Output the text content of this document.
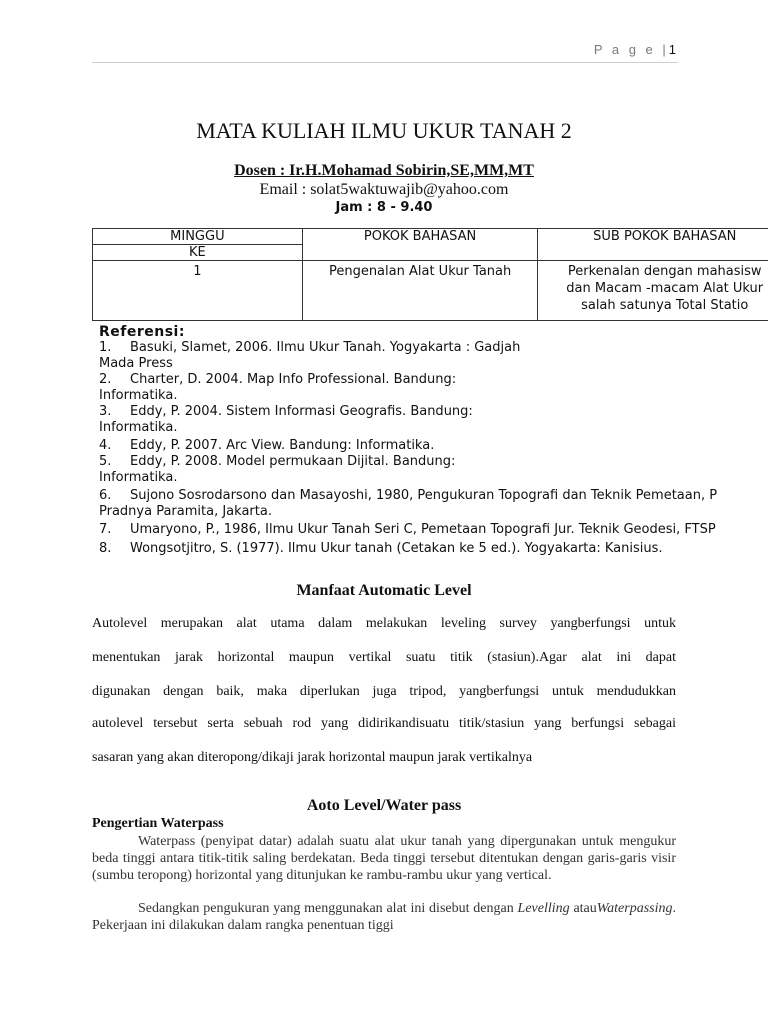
P a g e |1
MATA KULIAH ILMU UKUR TANAH 2
Dosen : Ir.H.Mohamad Sobirin,SE,MM,MT
Email : solat5waktuwajib@yahoo.com
Jam : 8 - 9.40
MINGGU	POKOK BAHASAN	SUB POKOK BAHASAN
KE		
1	Pengenalan Alat Ukur Tanah	Perkenalan dengan mahasisw
dan Macam -macam Alat Ukur
salah satunya Total Statio
Referensi:
1. Basuki, Slamet, 2006. Ilmu Ukur Tanah. Yogyakarta : Gadjah
Mada Press
2. Charter, D. 2004. Map Info Professional. Bandung:
Informatika.
3. Eddy, P. 2004. Sistem Informasi Geografis. Bandung:
Informatika.
4. Eddy, P. 2007. Arc View. Bandung: Informatika.
5. Eddy, P. 2008. Model permukaan Dijital. Bandung:
Informatika.
6. Sujono Sosrodarsono dan Masayoshi, 1980, Pengukuran Topografi dan Teknik Pemetaan, P
Pradnya Paramita, Jakarta.
7. Umaryono, P., 1986, Ilmu Ukur Tanah Seri C, Pemetaan Topografi Jur. Teknik Geodesi, FTSP
8. Wongsotjitro, S. (1977). Ilmu Ukur tanah (Cetakan ke 5 ed.). Yogyakarta: Kanisius.
Manfaat Automatic Level
Autolevel merupakan alat utama dalam melakukan leveling survey yangberfungsi untuk
menentukan jarak horizontal maupun vertikal suatu titik (stasiun).Agar alat ini dapat
digunakan dengan baik, maka diperlukan juga tripod, yangberfungsi untuk mendudukkan
autolevel tersebut serta sebuah rod yang didirikandisuatu titik/stasiun yang berfungsi sebagai
sasaran yang akan diteropong/dikaji jarak horizontal maupun jarak vertikalnya
Aoto Level/Water pass
Pengertian Waterpass
Waterpass (penyipat datar) adalah suatu alat ukur tanah yang dipergunakan untuk mengukur beda tinggi antara titik-titik saling berdekatan. Beda tinggi tersebut ditentukan dengan garis-garis visir (sumbu teropong) horizontal yang ditunjukan ke rambu-rambu ukur yang vertical.
Sedangkan pengukuran yang menggunakan alat ini disebut dengan Levelling atauWaterpassing. Pekerjaan ini dilakukan dalam rangka penentuan tiggi
